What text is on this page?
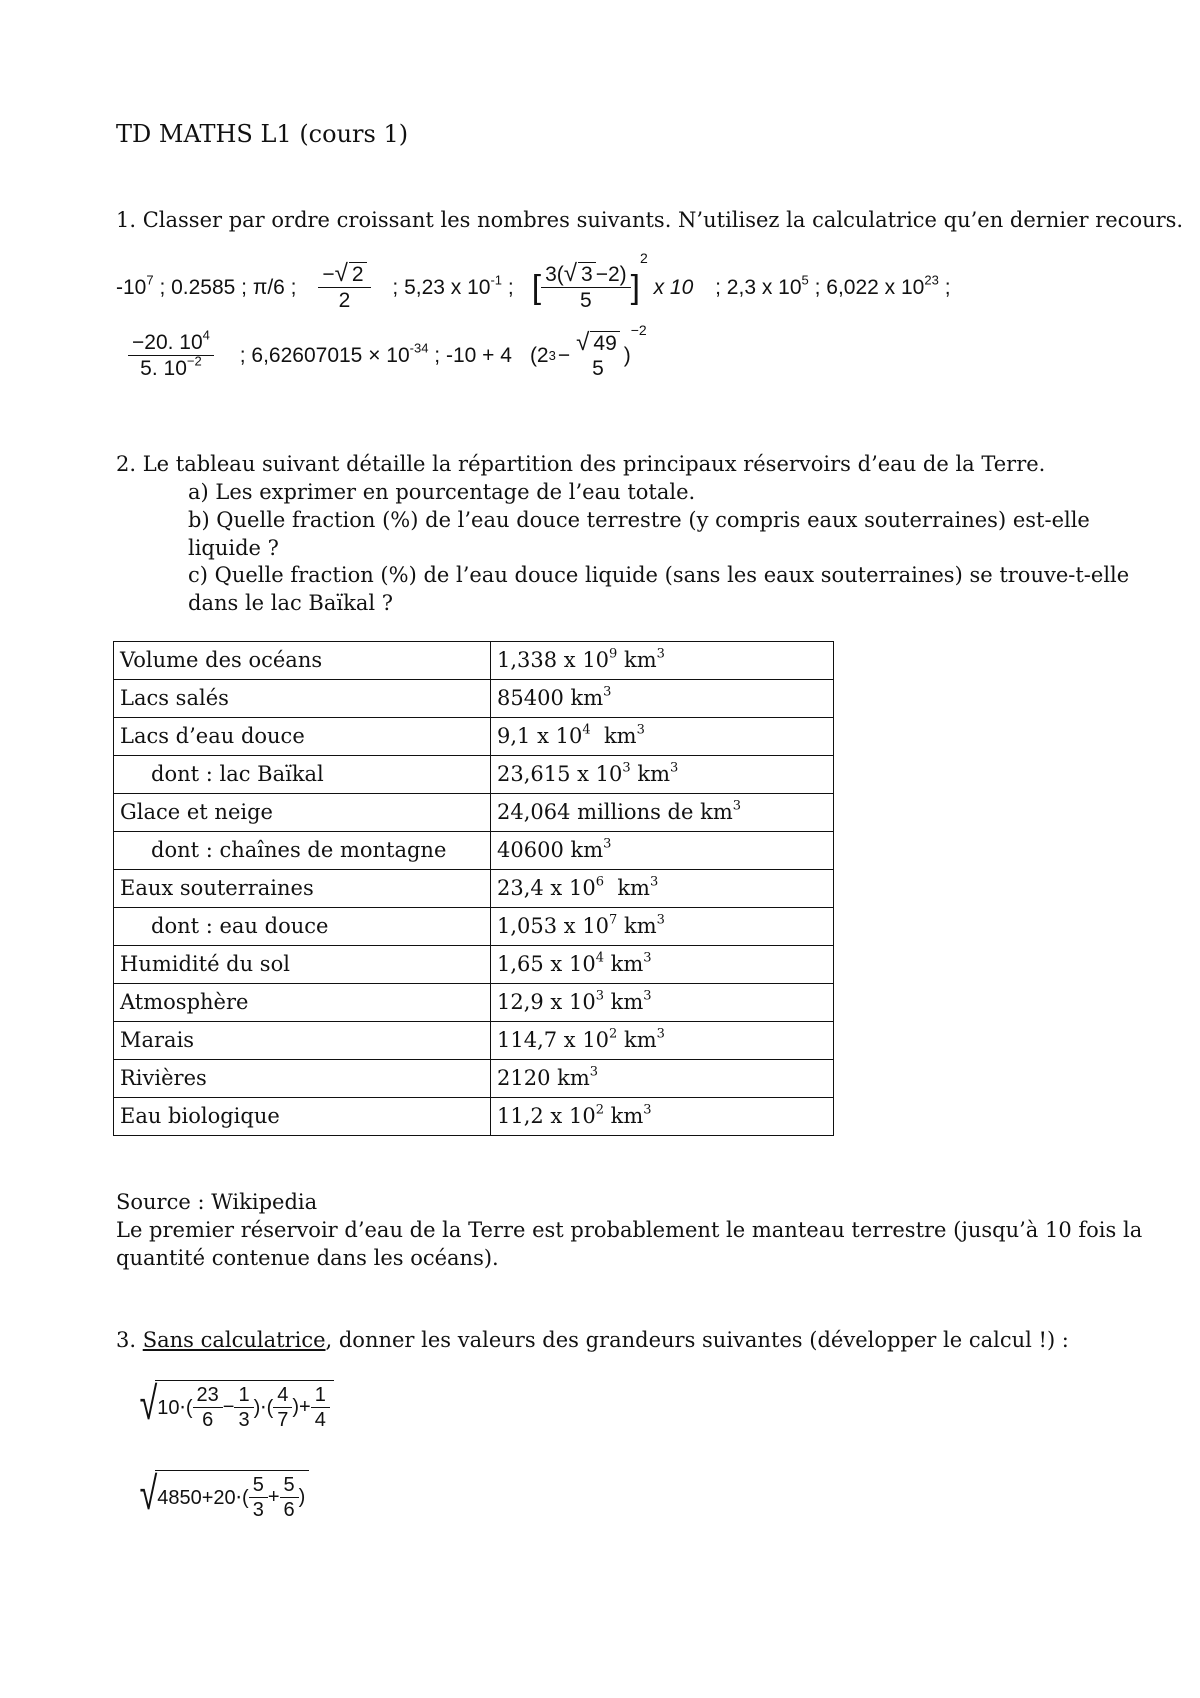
TD MATHS L1 (cours 1)
1. Classer par ordre croissant les nombres suivants. N’utilisez la calculatrice qu’en dernier recours.
$-10^7$ ; 0.2585 ; π/6 ; $\frac{-√ 2}{2}$ ; 5,23 x $10^{-1}$ ; [ $\frac{3(√ 3 -2)}{5}$ ]
2
x 10 ; 2,3 x $10^5$ ; 6,022 x $10^{23}$ ;
$\frac{-20. 10^4}{5. 10^{-2}}$ ; $6,62607015 \times 10^{-34}$ ; -10 + 4 (2 3 − √ 49
5
)
−2
2. Le tableau suivant détaille la répartition des principaux réservoirs d’eau de la Terre.
a) Les exprimer en pourcentage de l’eau totale.
b) Quelle fraction (%) de l’eau douce terrestre (y compris eaux souterraines) est-elle
liquide ?
c) Quelle fraction (%) de l’eau douce liquide (sans les eaux souterraines) se trouve-t-elle
dans le lac Baïkal ?
Volume des océans	1,338 x $10^9$ $km^3$
Lacs salés	85400 $km^3$
Lacs d’eau douce	9,1 x $10^4$  $km^3$
dont : lac Baïkal	23,615 x $10^3$ $km^3$
Glace et neige	24,064 millions de $km^3$
dont : chaînes de montagne	40600 $km^3$
Eaux souterraines	23,4 x $10^6$  $km^3$
dont : eau douce	1,053 x $10^7$ $km^3$
Humidité du sol	1,65 x $10^4$ $km^3$
Atmosphère	12,9 x $10^3$ $km^3$
Marais	114,7 x $10^2$ $km^3$
Rivières	2120 $km^3$
Eau biologique	11,2 x $10^2$ $km^3$
Source : Wikipedia
Le premier réservoir d’eau de la Terre est probablement le manteau terrestre (jusqu’à 10 fois la
quantité contenue dans les océans).
3. Sans calculatrice, donner les valeurs des grandeurs suivantes (développer le calcul !) :
√ $10\cdot( \frac{23}{6} - \frac{1}{3}$ )⋅( $\frac{4}{7}$ )+ $\frac{1}{4}$
√ $4850+20\cdot( \frac{5}{3} + \frac{5}{6}$ )
